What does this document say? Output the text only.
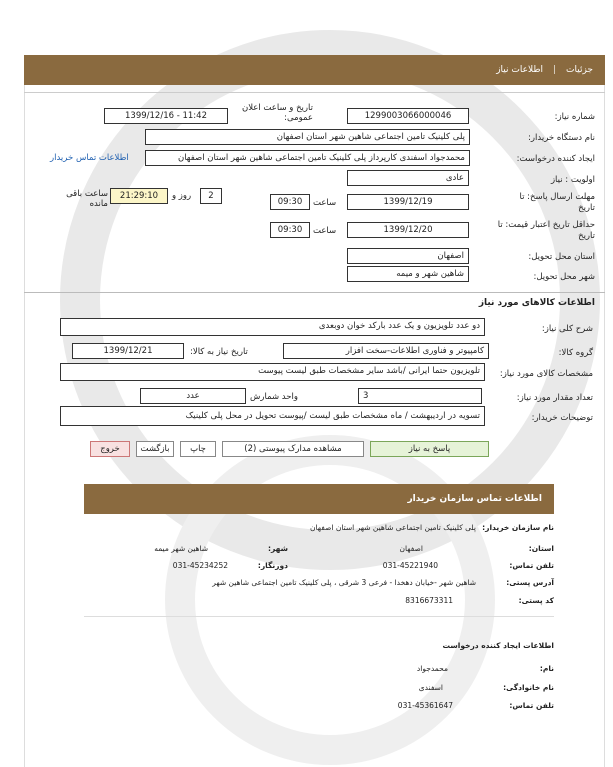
جزئیات
|
اطلاعات نیاز
شماره نیاز:
1299003066000046
تاریخ و ساعت اعلان عمومی:
1399/12/16 - 11:42
نام دستگاه خریدار:
پلی کلینیک تامین اجتماعی شاهین شهر استان اصفهان
ایجاد کننده درخواست:
محمدجواد اسفندی کارپرداز پلی کلینیک تامین اجتماعی شاهین شهر استان اصفهان
اطلاعات تماس خریدار
اولویت : نیاز
عادی
مهلت ارسال پاسخ: تا تاریخ
1399/12/19
ساعت
09:30
2
روز و
21:29:10
ساعت باقی مانده
حداقل تاریخ اعتبار قیمت: تا تاریخ
1399/12/20
ساعت
09:30
استان محل تحویل:
اصفهان
شهر محل تحویل:
شاهین شهر و میمه
اطلاعات کالاهای مورد نیاز
شرح کلی نیاز:
دو عدد تلویزیون و یک عدد بارکد خوان دوبعدی
گروه کالا:
کامپیوتر و فناوری اطلاعات-سخت افزار
تاریخ نیاز به کالا:
1399/12/21
مشخصات کالای مورد نیاز:
تلویزیون حتما ایرانی /باشد سایر مشخصات طبق لیست پیوست
تعداد مقدار مورد نیاز:
3
واحد شمارش
عدد
توضیحات خریدار:
تسویه در اردیبهشت / ماه مشخصات طبق لیست /پیوست تحویل در محل پلی کلینیک
پاسخ به نیاز
مشاهده مدارک پیوستی (2)
چاپ
بازگشت
خروج
اطلاعات تماس سازمان خریدار
نام سازمان خریدار:
پلی کلینیک تامین اجتماعی شاهین شهر استان اصفهان
استان:
اصفهان
شهر:
شاهین شهر میمه
تلفن تماس:
031-45221940
دورنگار:
031-45234252
آدرس پستی:
شاهین شهر -خیابان دهخدا - فرعی 3 شرقی ، پلی کلینیک تامین اجتماعی شاهین شهر
کد پستی:
8316673311
اطلاعات ایجاد کننده درخواست
نام:
محمدجواد
نام خانوادگی:
اسفندی
تلفن تماس:
031-45361647
